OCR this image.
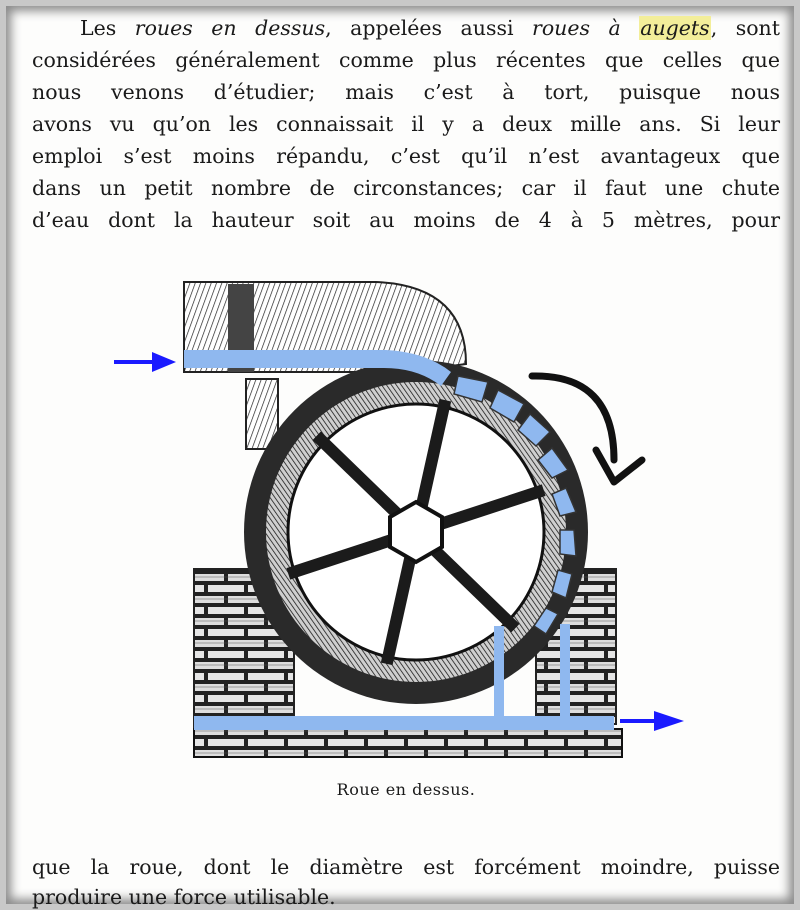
Les roues en dessus, appelées aussi roues à augets, sont
considérées généralement comme plus récentes que celles que
nous venons d’étudier; mais c’est à tort, puisque nous
avons vu qu’on les connaissait il y a deux mille ans. Si leur
emploi s’est moins répandu, c’est qu’il n’est avantageux que
dans un petit nombre de circonstances; car il faut une chute
d’eau dont la hauteur soit au moins de 4 à 5 mètres, pour
Roue en dessus.
que la roue, dont le diamètre est forcément moindre, puisse
produire une force utilisable.
